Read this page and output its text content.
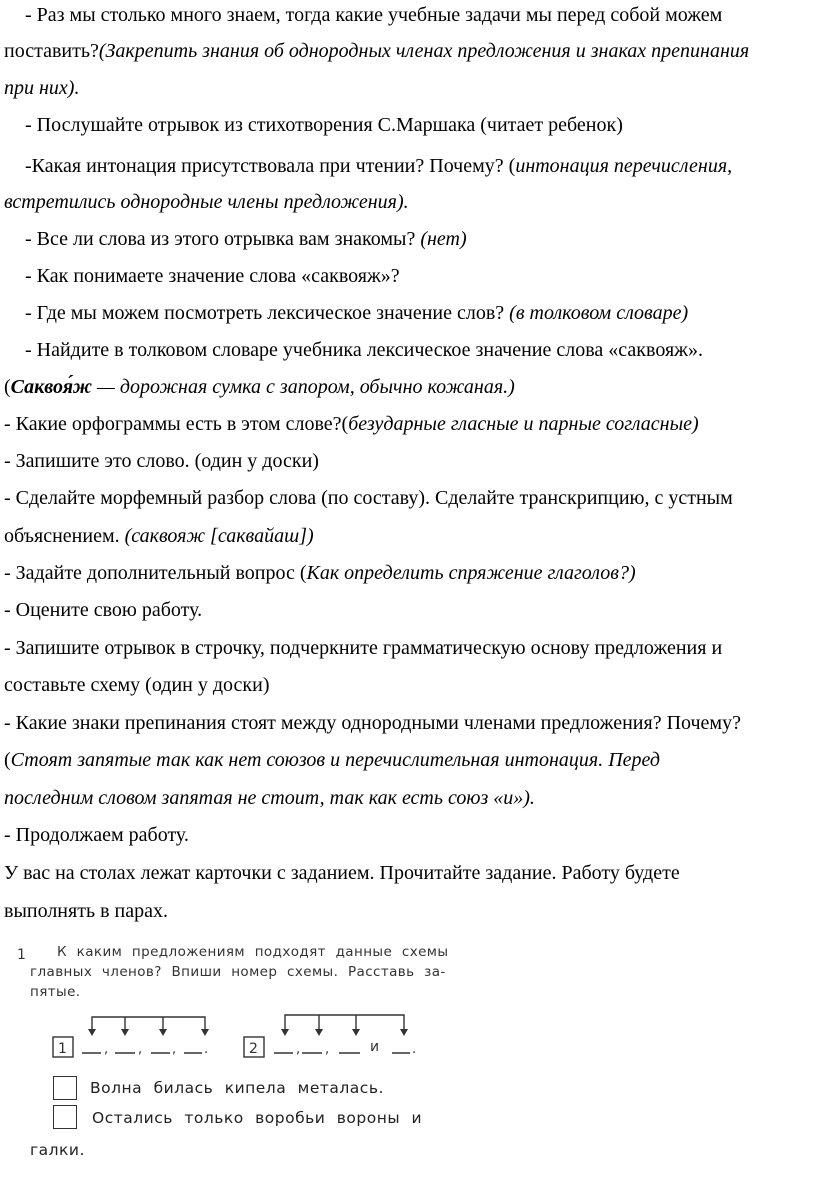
- Раз мы столько много знаем, тогда какие учебные задачи мы перед собой можем
поставить?(Закрепить знания об однородных членах предложения и знаках препинания
при них).
- Послушайте отрывок из стихотворения С.Маршака (читает ребенок)
-Какая интонация присутствовала при чтении? Почему? (интонация перечисления,
встретились однородные члены предложения).
- Все ли слова из этого отрывка вам знакомы? (нет)
- Как понимаете значение слова «саквояж»?
- Где мы можем посмотреть лексическое значение слов? (в толковом словаре)
- Найдите в толковом словаре учебника лексическое значение слова «саквояж».
(Саквоя́ж — дорожная сумка с запором, обычно кожаная.)
- Какие орфограммы есть в этом слове?(безударные гласные и парные согласные)
- Запишите это слово. (один у доски)
- Сделайте морфемный разбор слова (по составу). Сделайте транскрипцию, с устным
объяснением. (саквояж [саквайаш])
- Задайте дополнительный вопрос (Как определить спряжение глаголов?)
- Оцените свою работу.
- Запишите отрывок в строчку, подчеркните грамматическую основу предложения и
составьте схему (один у доски)
- Какие знаки препинания стоят между однородными членами предложения? Почему?
(Стоят запятые так как нет союзов и перечислительная интонация. Перед
последним словом запятая не стоит, так как есть союз «и»).
- Продолжаем работу.
У вас на столах лежат карточки с заданием. Прочитайте задание. Работу будете
выполнять в парах.
1 К каким предложениям подходят данные схемы
главных членов? Впиши номер схемы. Расставь за-
пятые.
, , , .	, ,	.
1	2	и
Волна билась кипела металась.
Остались только воробьи вороны и
галки.
